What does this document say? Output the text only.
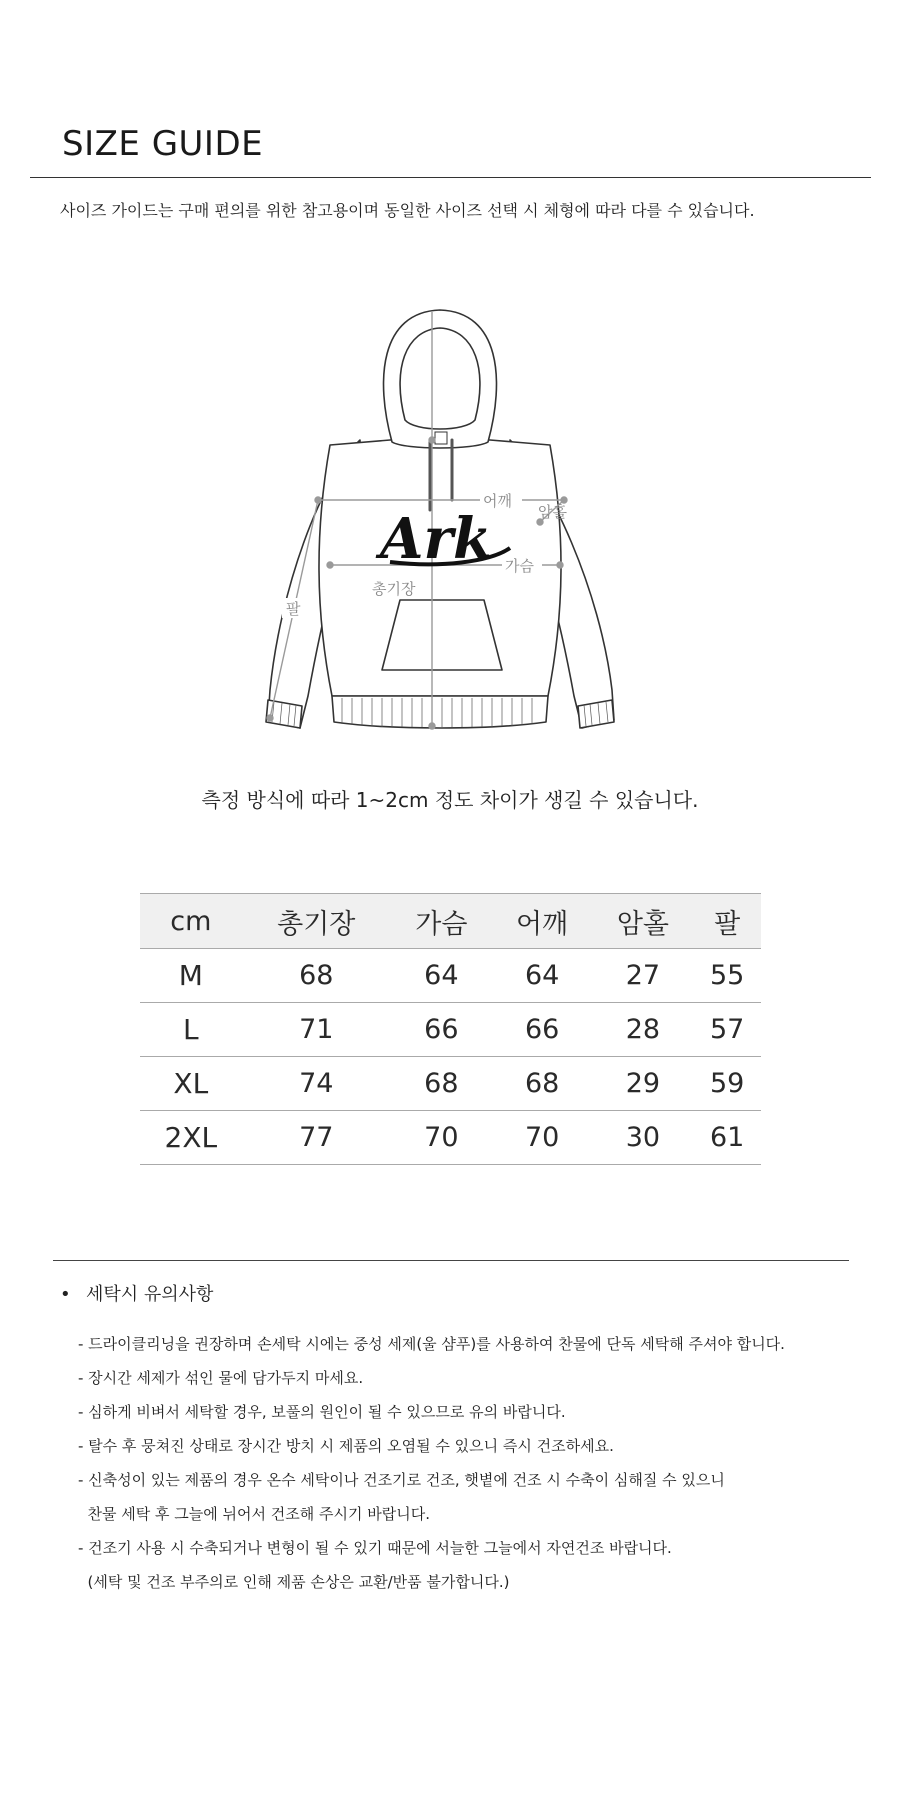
SIZE GUIDE
사이즈 가이드는 구매 편의를 위한 참고용이며 동일한 사이즈 선택 시 체형에 따라 다를 수 있습니다.
어깨
암홀
가슴
총기장
팔
Ark
측정 방식에 따라 1~2cm 정도 차이가 생길 수 있습니다.
cm	총기장	가슴	어깨	암홀	팔
M	68	64	64	27	55
L	71	66	66	28	57
XL	74	68	68	29	59
2XL	77	70	70	30	61
• 세탁시 유의사항
- 드라이클리닝을 권장하며 손세탁 시에는 중성 세제(울 샴푸)를 사용하여 찬물에 단독 세탁해 주셔야 합니다.
- 장시간 세제가 섞인 물에 담가두지 마세요.
- 심하게 비벼서 세탁할 경우, 보풀의 원인이 될 수 있으므로 유의 바랍니다.
- 탈수 후 뭉쳐진 상태로 장시간 방치 시 제품의 오염될 수 있으니 즉시 건조하세요.
- 신축성이 있는 제품의 경우 온수 세탁이나 건조기로 건조, 햇볕에 건조 시 수축이 심해질 수 있으니
찬물 세탁 후 그늘에 뉘어서 건조해 주시기 바랍니다.
- 건조기 사용 시 수축되거나 변형이 될 수 있기 때문에 서늘한 그늘에서 자연건조 바랍니다.
(세탁 및 건조 부주의로 인해 제품 손상은 교환/반품 불가합니다.)
